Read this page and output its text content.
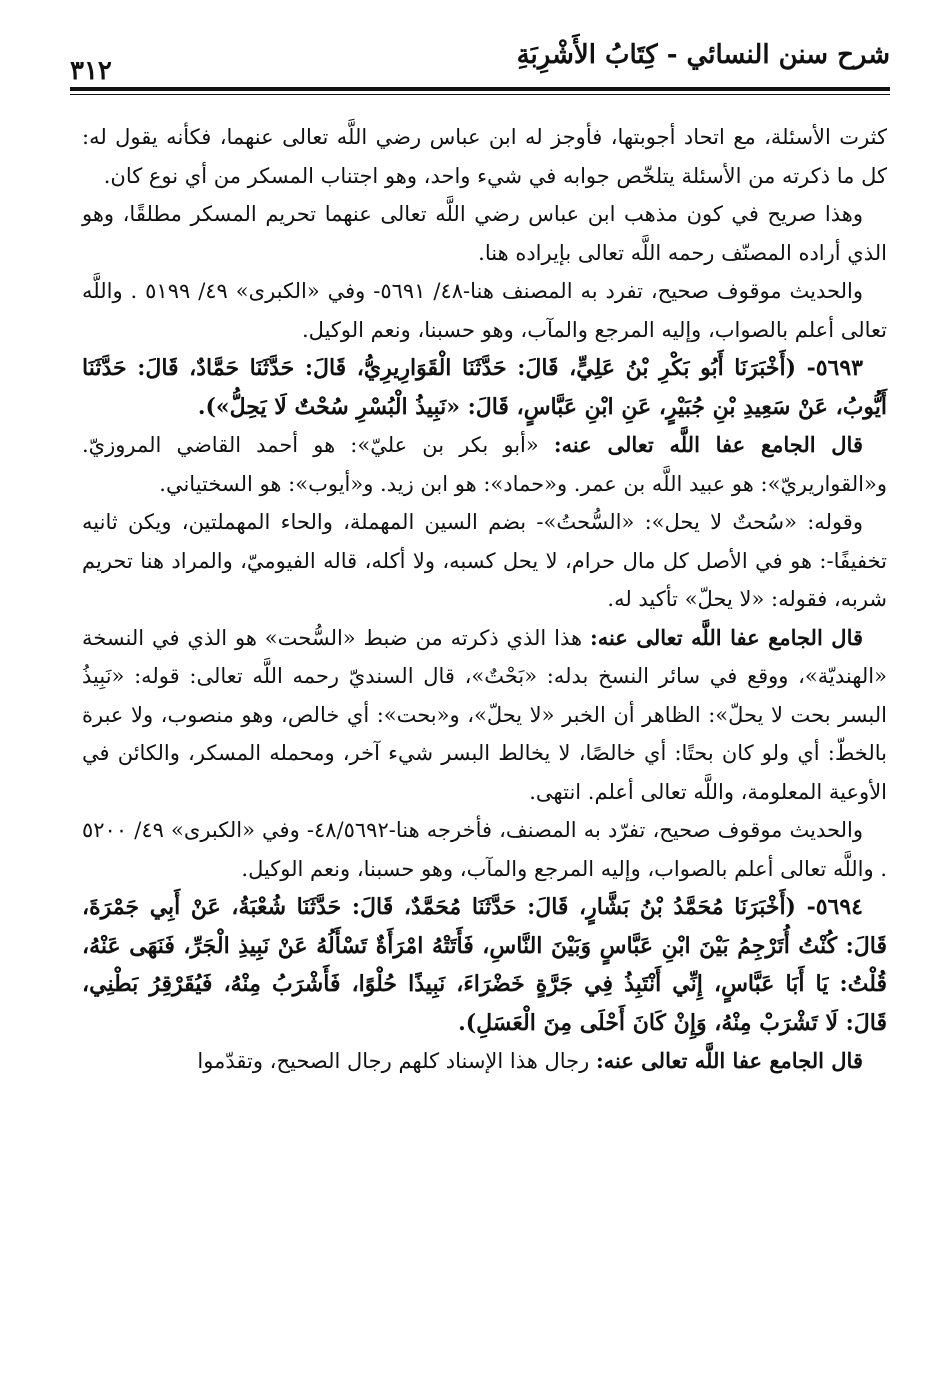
شرح سنن النسائي - كِتَابُ الأَشْرِبَةِ
٣١٢

كثرت الأسئلة، مع اتحاد أجوبتها، فأوجز له ابن عباس رضي اللَّه تعالى عنهما، فكأنه يقول له: كل ما ذكرته من الأسئلة يتلخّص جوابه في شيء واحد، وهو اجتناب المسكر من أي نوع كان.

وهذا صريح في كون مذهب ابن عباس رضي اللَّه تعالى عنهما تحريم المسكر مطلقًا، وهو الذي أراده المصنّف رحمه اللَّه تعالى بإيراده هنا.

والحديث موقوف صحيح، تفرد به المصنف هنا-٤٨/ ٥٦٩١- وفي «الكبرى» ٤٩/ ٥١٩٩ . واللَّه تعالى أعلم بالصواب، وإليه المرجع والمآب، وهو حسبنا، ونعم الوكيل.

٥٦٩٣- (أَخْبَرَنَا أَبُو بَكْرِ بْنُ عَلِيٍّ، قَالَ: حَدَّثَنَا الْقَوَارِيرِيُّ، قَالَ: حَدَّثَنَا حَمَّادٌ، قَالَ: حَدَّثَنَا أَيُّوبُ، عَنْ سَعِيدِ بْنِ جُبَيْرٍ، عَنِ ابْنِ عَبَّاسٍ، قَالَ: «نَبِيذُ الْبُسْرِ سُحْتٌ لَا يَحِلُّ»).

قال الجامع عفا اللَّه تعالى عنه: «أبو بكر بن عليّ»: هو أحمد القاضي المروزيّ. و«القواريريّ»: هو عبيد اللَّه بن عمر. و«حماد»: هو ابن زيد. و«أيوب»: هو السختياني.

وقوله: «سُحتٌ لا يحل»: «السُّحتُ»- بضم السين المهملة، والحاء المهملتين، ويكن ثانيه تخفيفًا-: هو في الأصل كل مال حرام، لا يحل كسبه، ولا أكله، قاله الفيوميّ، والمراد هنا تحريم شربه، فقوله: «لا يحلّ» تأكيد له.

قال الجامع عفا اللَّه تعالى عنه: هذا الذي ذكرته من ضبط «السُّحت» هو الذي في النسخة «الهنديّة»، ووقع في سائر النسخ بدله: «بَحْتٌ»، قال السنديّ رحمه اللَّه تعالى: قوله: «نَبِيذُ البسر بحت لا يحلّ»: الظاهر أن الخبر «لا يحلّ»، و«بحت»: أي خالص، وهو منصوب، ولا عبرة بالخطّ: أي ولو كان بحتًا: أي خالصًا، لا يخالط البسر شيء آخر، ومحمله المسكر، والكائن في الأوعية المعلومة، واللَّه تعالى أعلم. انتهى.

والحديث موقوف صحيح، تفرّد به المصنف، فأخرجه هنا-٤٨/٥٦٩٢- وفي «الكبرى» ٤٩/ ٥٢٠٠ . واللَّه تعالى أعلم بالصواب، وإليه المرجع والمآب، وهو حسبنا، ونعم الوكيل.

٥٦٩٤- (أَخْبَرَنَا مُحَمَّدُ بْنُ بَشَّارٍ، قَالَ: حَدَّثَنَا مُحَمَّدٌ، قَالَ: حَدَّثَنَا شُعْبَةُ، عَنْ أَبِي جَمْرَةَ، قَالَ: كُنْتُ أُتَرْجِمُ بَيْنَ ابْنِ عَبَّاسٍ وَبَيْنَ النَّاسِ، فَأَتَتْهُ امْرَأَةٌ تَسْأَلُهُ عَنْ نَبِيذِ الْجَرِّ، فَنَهَى عَنْهُ، قُلْتُ: يَا أَبَا عَبَّاسٍ، إِنِّي أَنْتَبِذُ فِي جَرَّةٍ خَضْرَاءَ، نَبِيذًا حُلْوًا، فَأَشْرَبُ مِنْهُ، فَيُقَرْقِرُ بَطْنِي، قَالَ: لَا تَشْرَبْ مِنْهُ، وَإِنْ كَانَ أَحْلَى مِنَ الْعَسَلِ).

قال الجامع عفا اللَّه تعالى عنه: رجال هذا الإسناد كلهم رجال الصحيح، وتقدّموا
